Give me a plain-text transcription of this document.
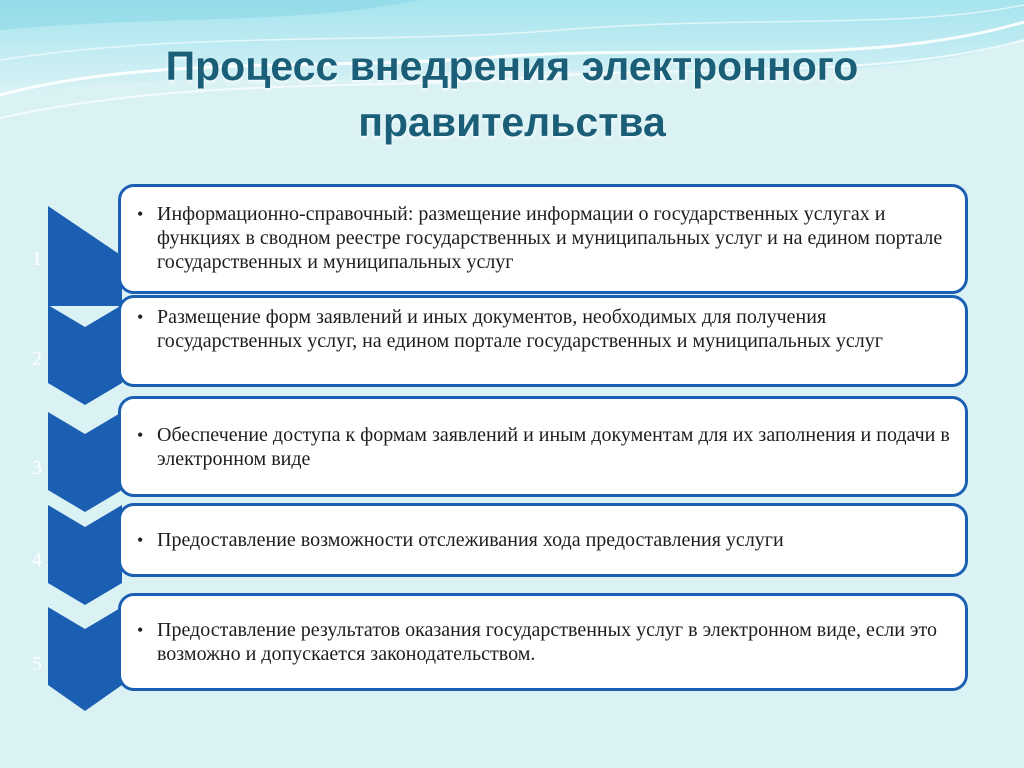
Процесс внедрения электронного
правительства
1
• Информационно-справочный: размещение информации о государственных услугах и функциях в сводном реестре государственных и муниципальных услуг и на едином портале государственных и муниципальных услуг
2
• Размещение форм заявлений и иных документов, необходимых для получения государственных услуг, на едином портале государственных и муниципальных услуг
3
• Обеспечение доступа к формам заявлений и иным документам для их заполнения и подачи в электронном виде
4
• Предоставление возможности отслеживания хода предоставления услуги
5
• Предоставление результатов оказания государственных услуг в электронном виде, если это возможно и допускается законодательством.
